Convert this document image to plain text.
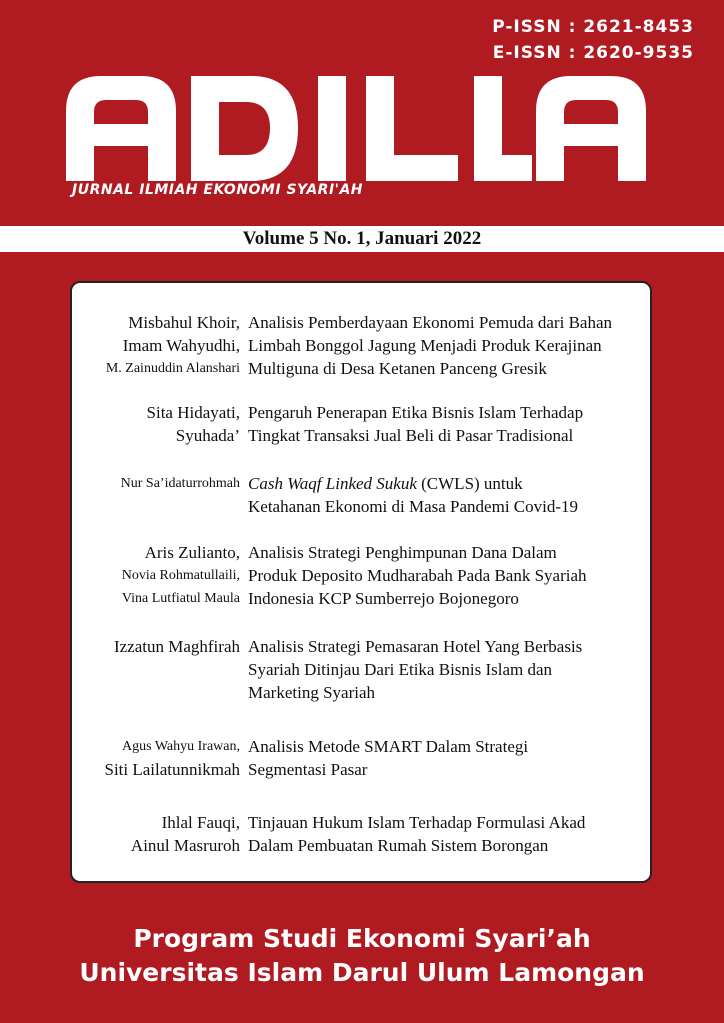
P-ISSN : 2621-8453
E-ISSN : 2620-9535
JURNAL ILMIAH EKONOMI SYARI'AH
Volume 5 No. 1, Januari 2022
Misbahul Khoir,
Imam Wahyudhi,
M. Zainuddin Alanshari
Analisis Pemberdayaan Ekonomi Pemuda dari Bahan
Limbah Bonggol Jagung Menjadi Produk Kerajinan
Multiguna di Desa Ketanen Panceng Gresik
Sita Hidayati,
Syuhada’
Pengaruh Penerapan Etika Bisnis Islam Terhadap
Tingkat Transaksi Jual Beli di Pasar Tradisional
Nur Sa’idaturrohmah Cash Waqf Linked Sukuk (CWLS) untuk
Ketahanan Ekonomi di Masa Pandemi Covid-19
Aris Zulianto,
Novia Rohmatullaili,
Vina Lutfiatul Maula
Analisis Strategi Penghimpunan Dana Dalam
Produk Deposito Mudharabah Pada Bank Syariah
Indonesia KCP Sumberrejo Bojonegoro
Izzatun Maghfirah Analisis Strategi Pemasaran Hotel Yang Berbasis
Syariah Ditinjau Dari Etika Bisnis Islam dan
Marketing Syariah
Agus Wahyu Irawan,
Siti Lailatunnikmah
Analisis Metode SMART Dalam Strategi
Segmentasi Pasar
Ihlal Fauqi,
Ainul Masruroh
Tinjauan Hukum Islam Terhadap Formulasi Akad
Dalam Pembuatan Rumah Sistem Borongan
Program Studi Ekonomi Syari’ah
Universitas Islam Darul Ulum Lamongan
